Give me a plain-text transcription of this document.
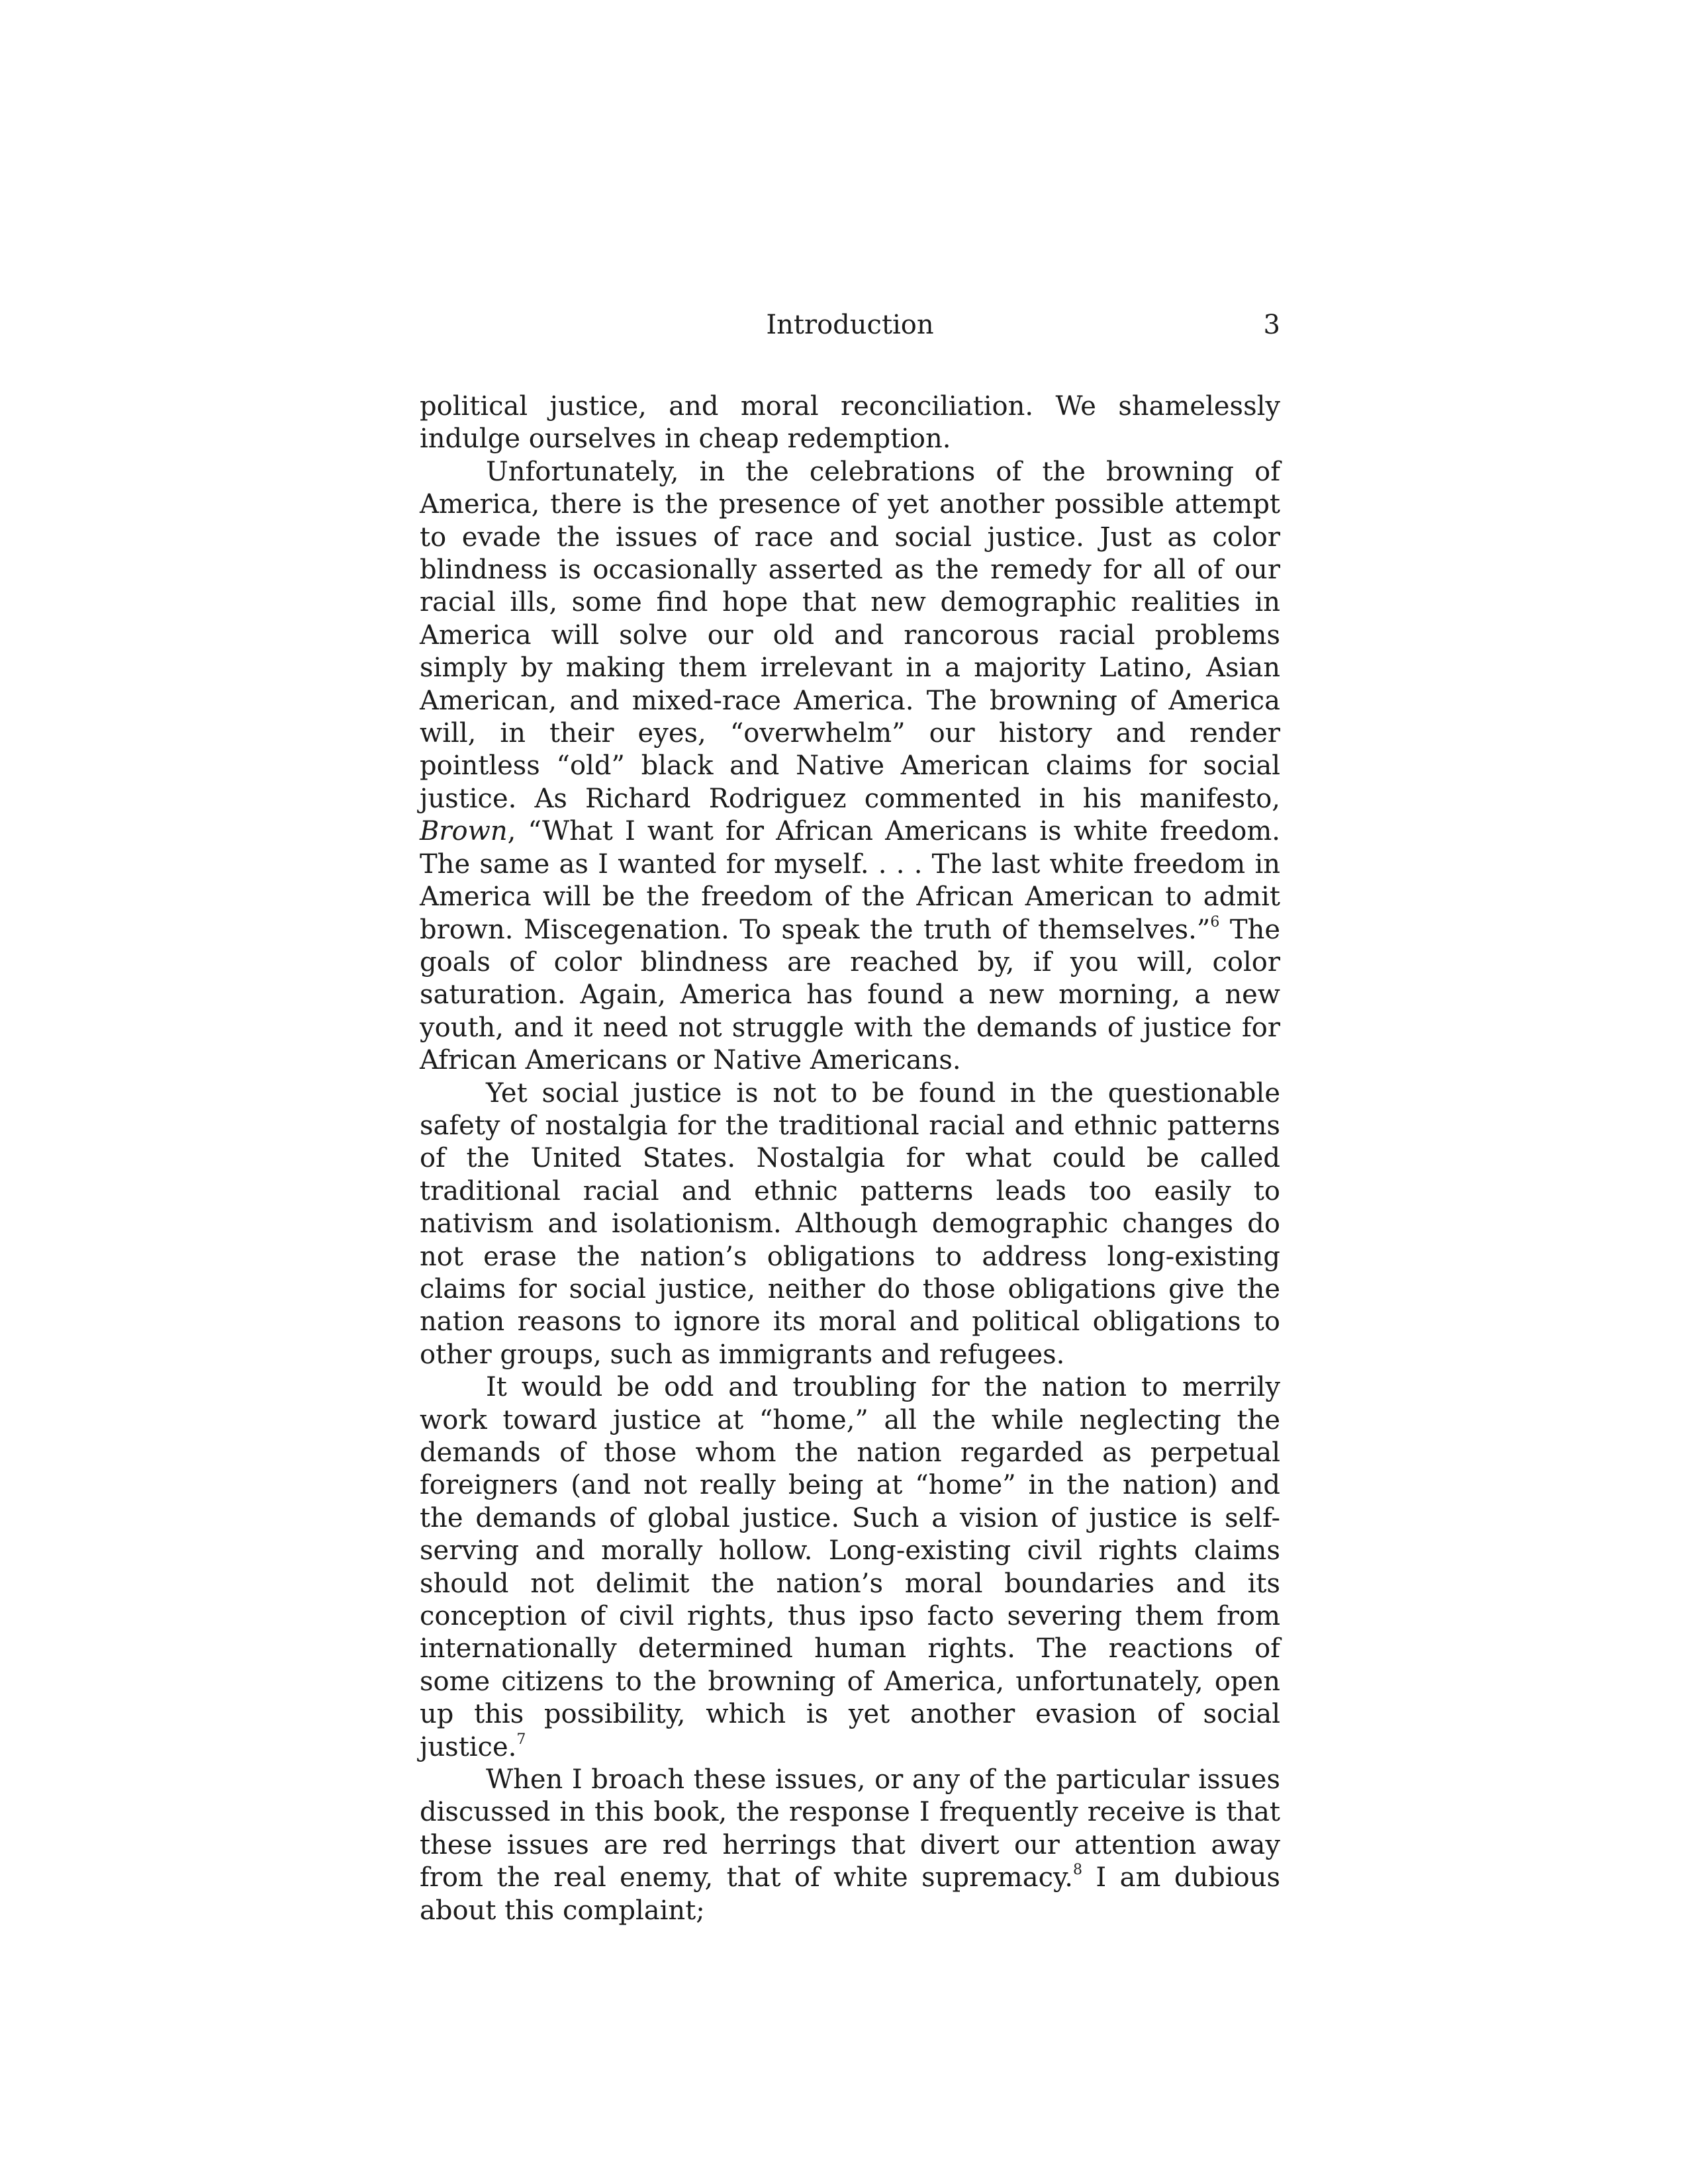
Introduction	3

political justice, and moral reconciliation. We shamelessly indulge ourselves in cheap redemption.

Unfortunately, in the celebrations of the browning of America, there is the presence of yet another possible attempt to evade the issues of race and social justice. Just as color blindness is occasionally asserted as the remedy for all of our racial ills, some find hope that new demographic realities in America will solve our old and rancorous racial problems simply by making them irrelevant in a majority Latino, Asian American, and mixed-race America. The browning of America will, in their eyes, “overwhelm” our history and render pointless “old” black and Native American claims for social justice. As Richard Rodriguez commented in his manifesto, Brown, “What I want for African Americans is white freedom. The same as I wanted for myself. . . . The last white freedom in America will be the freedom of the African American to admit brown. Miscegenation. To speak the truth of themselves.”$^6$ The goals of color blindness are reached by, if you will, color saturation. Again, America has found a new morning, a new youth, and it need not struggle with the demands of justice for African Americans or Native Americans.

Yet social justice is not to be found in the questionable safety of nostalgia for the traditional racial and ethnic patterns of the United States. Nostalgia for what could be called traditional racial and ethnic patterns leads too easily to nativism and isolationism. Although demographic changes do not erase the nation’s obligations to address long-existing claims for social justice, neither do those obligations give the nation reasons to ignore its moral and political obligations to other groups, such as immigrants and refugees.

It would be odd and troubling for the nation to merrily work toward justice at “home,” all the while neglecting the demands of those whom the nation regarded as perpetual foreigners (and not really being at “home” in the nation) and the demands of global justice. Such a vision of justice is self-serving and morally hollow. Long-existing civil rights claims should not delimit the nation’s moral boundaries and its conception of civil rights, thus ipso facto severing them from internationally determined human rights. The reactions of some citizens to the browning of America, unfortunately, open up this possibility, which is yet another evasion of social justice.$^7$

When I broach these issues, or any of the particular issues discussed in this book, the response I frequently receive is that these issues are red herrings that divert our attention away from the real enemy, that of white supremacy.$^8$ I am dubious about this complaint;
